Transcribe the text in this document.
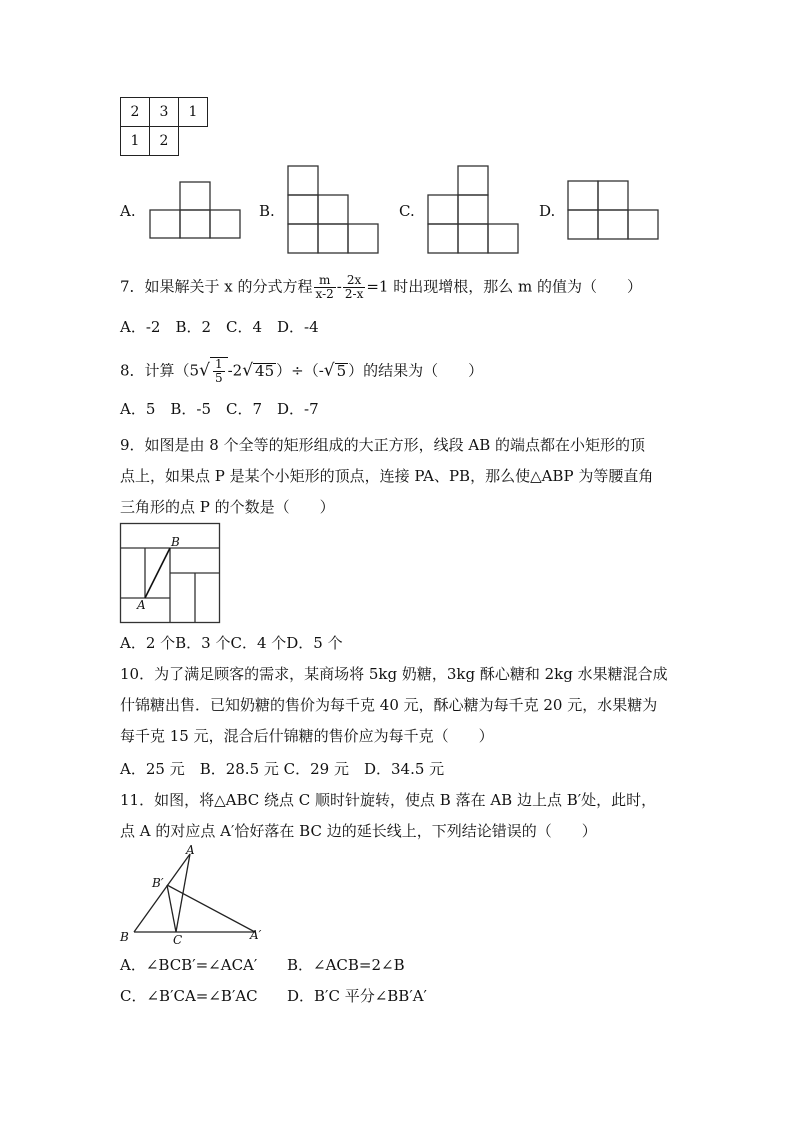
2	3	1
1	2	
A.	B.	C.	D.
7．如果解关于 x 的分式方程 $\frac{m}{x-2} - \frac{2x}{2-x} =1$ 时出现增根，那么 m 的值为（　　）
A．-2　B．2　C．4　D．-4
8．计算（$5√ \frac{1}{5} -2√$ 45 ）÷（-√ 5 ）的结果为（　　）
A．5　B．-5　C．7　D．-7
9．如图是由 8 个全等的矩形组成的大正方形，线段 AB 的端点都在小矩形的顶
点上，如果点 P 是某个小矩形的顶点，连接 PA、PB，那么使△ABP 为等腰直角
三角形的点 P 的个数是（　　）
B
A
A．2 个B．3 个C．4 个D．5 个
10．为了满足顾客的需求，某商场将 5kg 奶糖，3kg 酥心糖和 2kg 水果糖混合成
什锦糖出售．已知奶糖的售价为每千克 40 元，酥心糖为每千克 20 元，水果糖为
每千克 15 元，混合后什锦糖的售价应为每千克（　　）
A．25 元　B．28.5 元 C．29 元　D．34.5 元
11．如图，将△ABC 绕点 C 顺时针旋转，使点 B 落在 AB 边上点 B′处，此时，
点 A 的对应点 A′恰好落在 BC 边的延长线上，下列结论错误的（　　）
A
B′
B	C	A′
A．∠BCB′=∠ACA′ B．∠ACB=2∠B
C．∠B′CA=∠B′AC D．B′C 平分∠BB′A′
